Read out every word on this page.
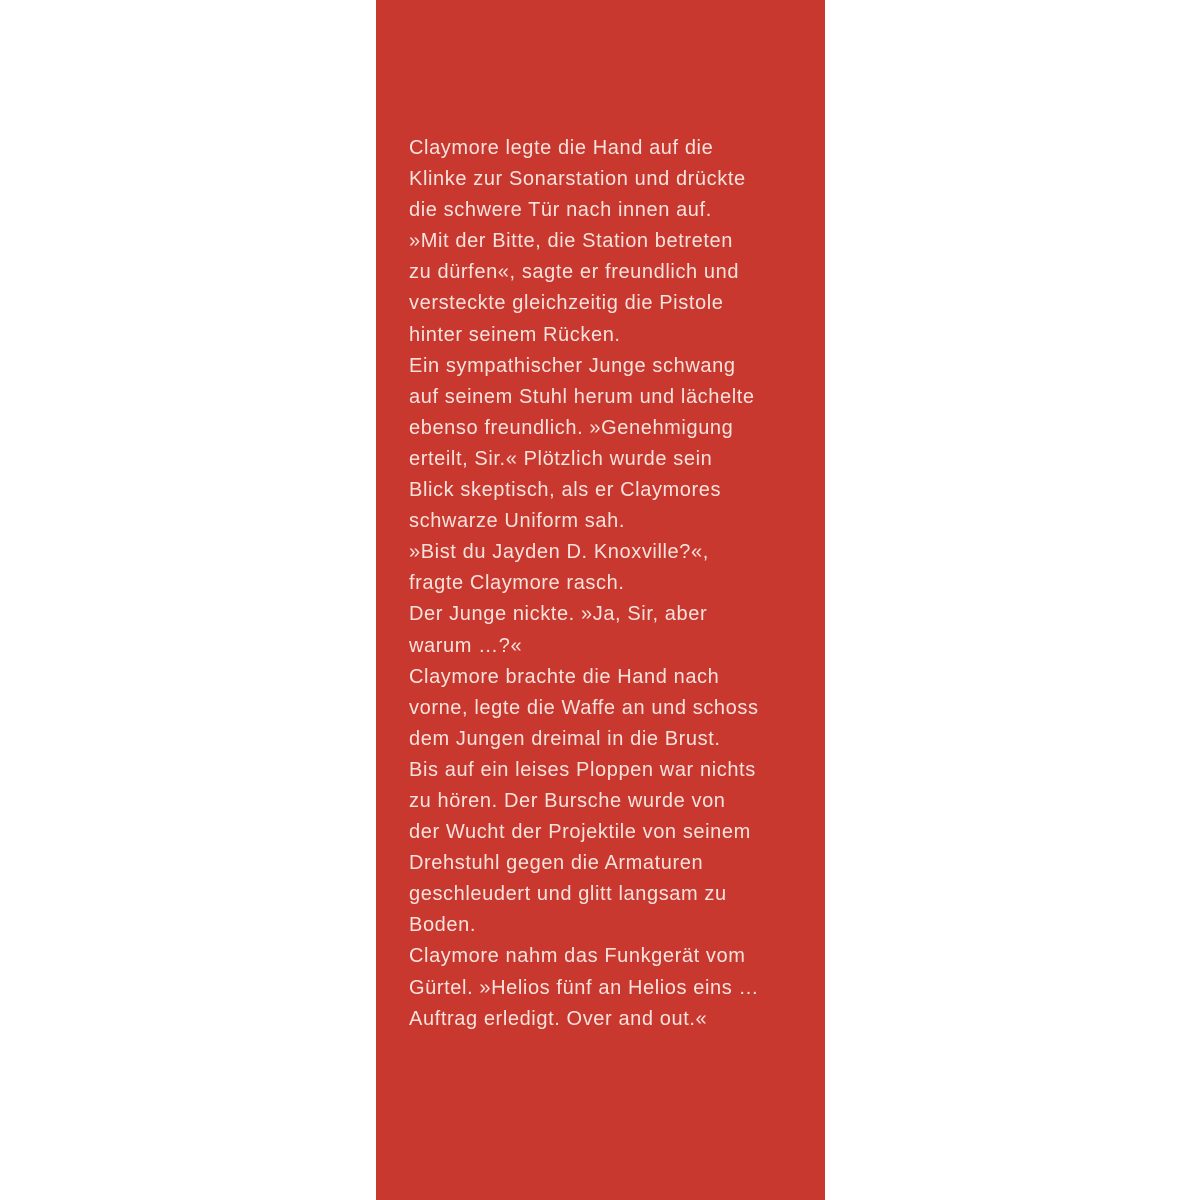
Claymore legte die Hand auf die
Klinke zur Sonarstation und drückte
die schwere Tür nach innen auf.
»Mit der Bitte, die Station betreten
zu dürfen«, sagte er freundlich und
versteckte gleichzeitig die Pistole
hinter seinem Rücken.
Ein sympathischer Junge schwang
auf seinem Stuhl herum und lächelte
ebenso freundlich. »Genehmigung
erteilt, Sir.« Plötzlich wurde sein
Blick skeptisch, als er Claymores
schwarze Uniform sah.
»Bist du Jayden D. Knoxville?«,
fragte Claymore rasch.
Der Junge nickte. »Ja, Sir, aber
warum …?«
Claymore brachte die Hand nach
vorne, legte die Waffe an und schoss
dem Jungen dreimal in die Brust.
Bis auf ein leises Ploppen war nichts
zu hören. Der Bursche wurde von
der Wucht der Projektile von seinem
Drehstuhl gegen die Armaturen
geschleudert und glitt langsam zu
Boden.
Claymore nahm das Funkgerät vom
Gürtel. »Helios fünf an Helios eins …
Auftrag erledigt. Over and out.«
